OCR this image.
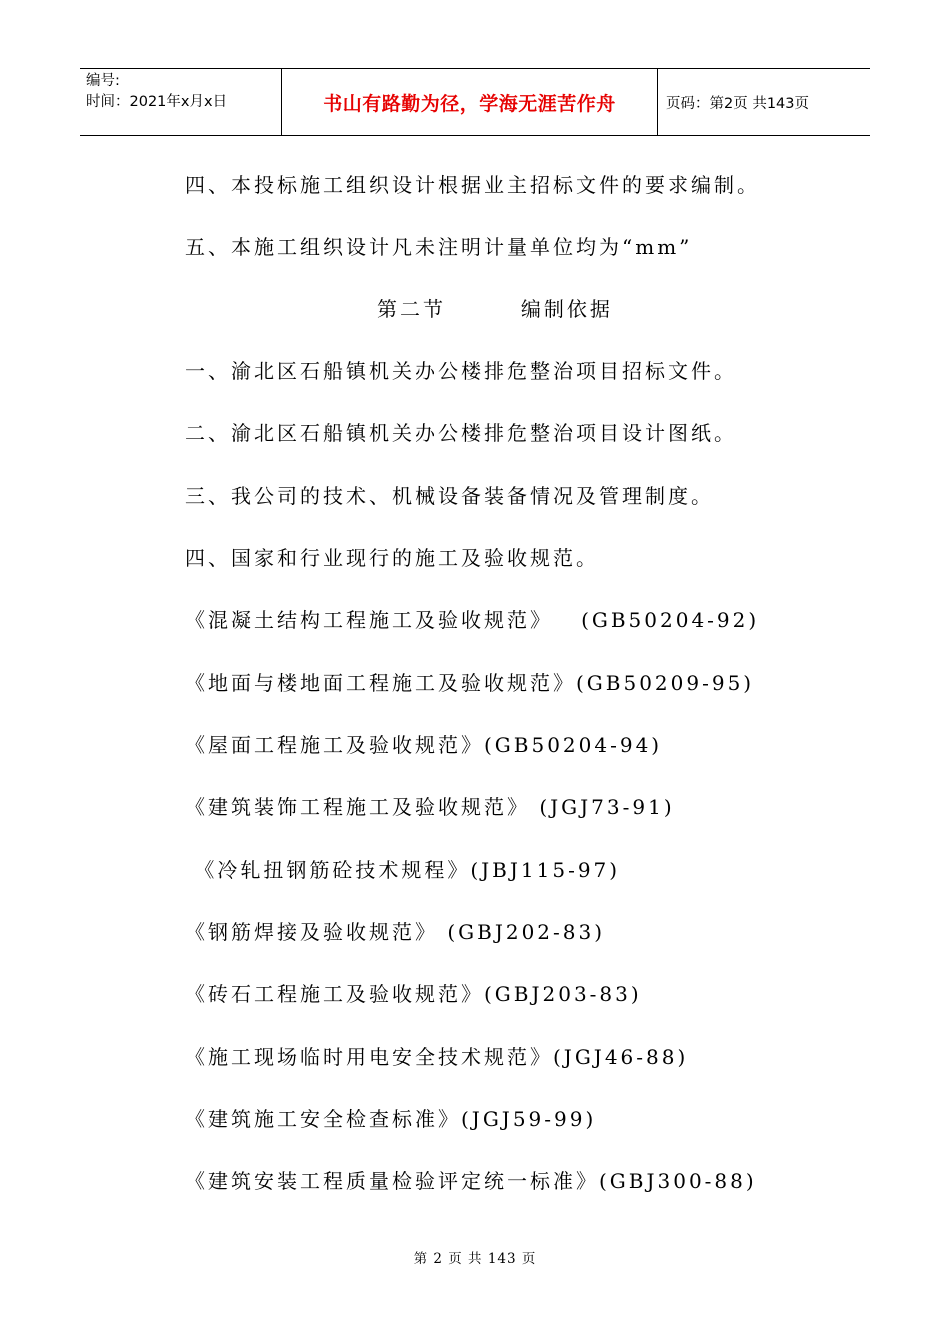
编号:
时间：2021年x月x日	书山有路勤为径，学海无涯苦作舟	页码：第2页 共143页
四、本投标施工组织设计根据业主招标文件的要求编制。
五、本施工组织设计凡未注明计量单位均为“mm”
第二节        编制依据
一、渝北区石船镇机关办公楼排危整治项目招标文件。
二、渝北区石船镇机关办公楼排危整治项目设计图纸。
三、我公司的技术、机械设备装备情况及管理制度。
四、国家和行业现行的施工及验收规范。
《混凝土结构工程施工及验收规范》   (GB50204-92)
《地面与楼地面工程施工及验收规范》(GB50209-95)
《屋面工程施工及验收规范》(GB50204-94)
《建筑装饰工程施工及验收规范》 (JGJ73-91)
《冷轧扭钢筋砼技术规程》(JBJ115-97)
《钢筋焊接及验收规范》 (GBJ202-83)
《砖石工程施工及验收规范》(GBJ203-83)
《施工现场临时用电安全技术规范》(JGJ46-88)
《建筑施工安全检查标准》(JGJ59-99)
《建筑安装工程质量检验评定统一标准》(GBJ300-88)
第 2 页 共 143 页
